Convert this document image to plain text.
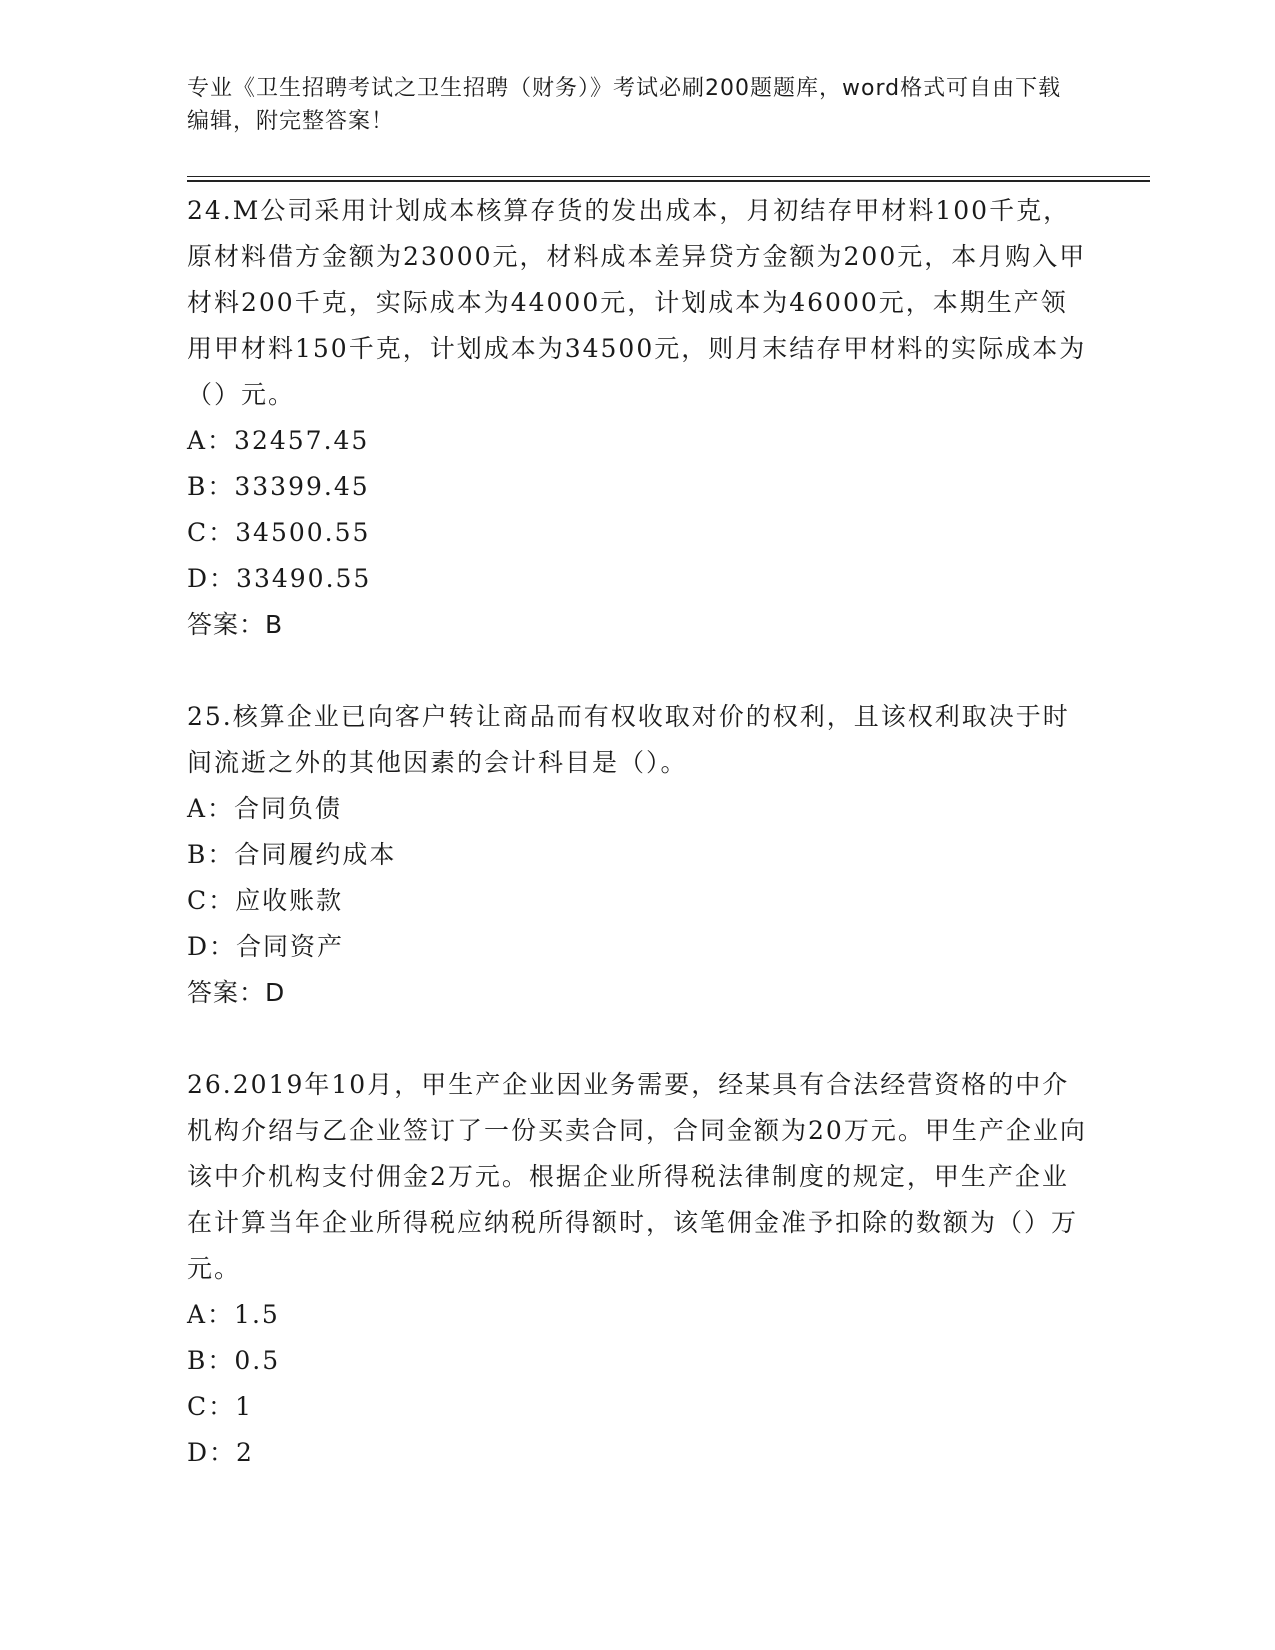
专业《卫生招聘考试之卫生招聘（财务）》考试必刷200题题库，word格式可自由下载编辑，附完整答案！

24.M公司采用计划成本核算存货的发出成本，月初结存甲材料100千克，原材料借方金额为23000元，材料成本差异贷方金额为200元，本月购入甲材料200千克，实际成本为44000元，计划成本为46000元，本期生产领用甲材料150千克，计划成本为34500元，则月末结存甲材料的实际成本为（）元。

A：32457.45
B：33399.45
C：34500.55
D：33490.55

答案：B

25.核算企业已向客户转让商品而有权收取对价的权利，且该权利取决于时间流逝之外的其他因素的会计科目是（）。

A：合同负债
B：合同履约成本
C：应收账款
D：合同资产

答案：D

26.2019年10月，甲生产企业因业务需要，经某具有合法经营资格的中介机构介绍与乙企业签订了一份买卖合同，合同金额为20万元。甲生产企业向该中介机构支付佣金2万元。根据企业所得税法律制度的规定，甲生产企业在计算当年企业所得税应纳税所得额时，该笔佣金准予扣除的数额为（）万元。

A：1.5
B：0.5
C：1
D：2
